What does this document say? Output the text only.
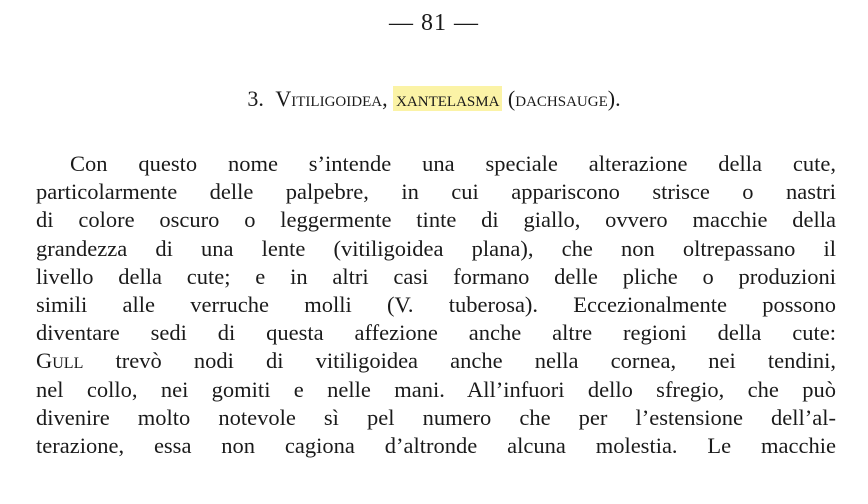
— 81 —
3. Vitiligoidea, xantelasma (dachsauge).
Con questo nome s’intende una speciale alterazione della cute,
particolarmente delle palpebre, in cui appariscono strisce o nastri
di colore oscuro o leggermente tinte di giallo, ovvero macchie della
grandezza di una lente (vitiligoidea plana), che non oltrepassano il
livello della cute; e in altri casi formano delle pliche o produzioni
simili alle verruche molli (V. tuberosa). Eccezionalmente possono
diventare sedi di questa affezione anche altre regioni della cute:
Gull trevò nodi di vitiligoidea anche nella cornea, nei tendini,
nel collo, nei gomiti e nelle mani. All’infuori dello sfregio, che può
divenire molto notevole sì pel numero che per l’estensione dell’al-
terazione, essa non cagiona d’altronde alcuna molestia. Le macchie
